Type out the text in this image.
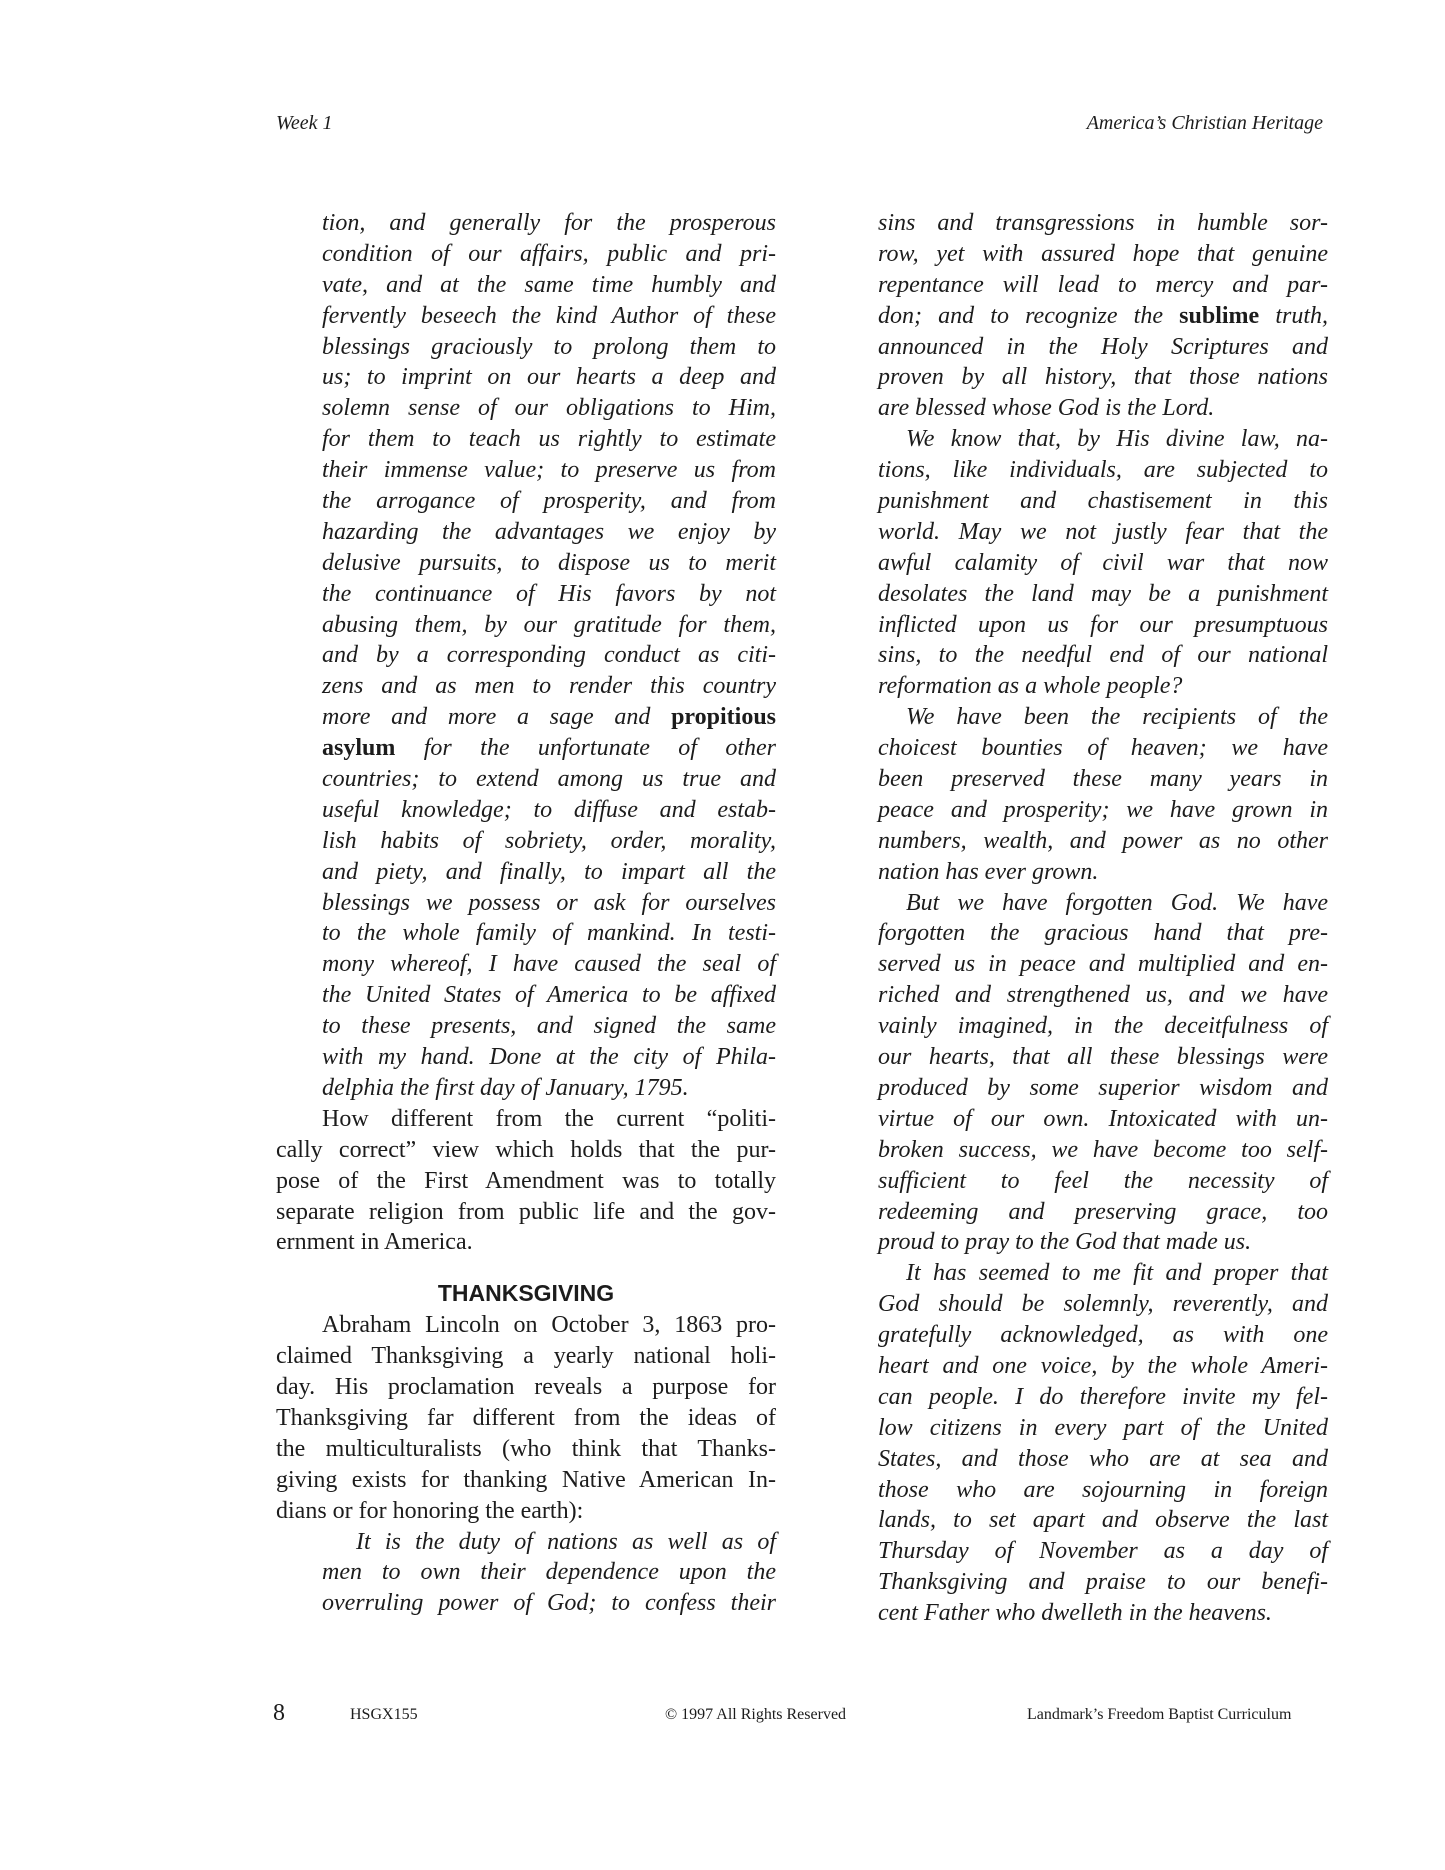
Week 1	America’s Christian Heritage
tion, and generally for the prosperous
condition of our affairs, public and pri-
vate, and at the same time humbly and
fervently beseech the kind Author of these
blessings graciously to prolong them to
us; to imprint on our hearts a deep and
solemn sense of our obligations to Him,
for them to teach us rightly to estimate
their immense value; to preserve us from
the arrogance of prosperity, and from
hazarding the advantages we enjoy by
delusive pursuits, to dispose us to merit
the continuance of His favors by not
abusing them, by our gratitude for them,
and by a corresponding conduct as citi-
zens and as men to render this country
more and more a sage and propitious
asylum for the unfortunate of other
countries; to extend among us true and
useful knowledge; to diffuse and estab-
lish habits of sobriety, order, morality,
and piety, and finally, to impart all the
blessings we possess or ask for ourselves
to the whole family of mankind. In testi-
mony whereof, I have caused the seal of
the United States of America to be affixed
to these presents, and signed the same
with my hand. Done at the city of Phila-
delphia the first day of January, 1795.
How different from the current “politi-
cally correct” view which holds that the pur-
pose of the First Amendment was to totally
separate religion from public life and the gov-
ernment in America.
THANKSGIVING
Abraham Lincoln on October 3, 1863 pro-
claimed Thanksgiving a yearly national holi-
day. His proclamation reveals a purpose for
Thanksgiving far different from the ideas of
the multiculturalists (who think that Thanks-
giving exists for thanking Native American In-
dians or for honoring the earth):
It is the duty of nations as well as of
men to own their dependence upon the
overruling power of God; to confess their
sins and transgressions in humble sor-
row, yet with assured hope that genuine
repentance will lead to mercy and par-
don; and to recognize the sublime truth,
announced in the Holy Scriptures and
proven by all history, that those nations
are blessed whose God is the Lord.
We know that, by His divine law, na-
tions, like individuals, are subjected to
punishment and chastisement in this
world. May we not justly fear that the
awful calamity of civil war that now
desolates the land may be a punishment
inflicted upon us for our presumptuous
sins, to the needful end of our national
reformation as a whole people?
We have been the recipients of the
choicest bounties of heaven; we have
been preserved these many years in
peace and prosperity; we have grown in
numbers, wealth, and power as no other
nation has ever grown.
But we have forgotten God. We have
forgotten the gracious hand that pre-
served us in peace and multiplied and en-
riched and strengthened us, and we have
vainly imagined, in the deceitfulness of
our hearts, that all these blessings were
produced by some superior wisdom and
virtue of our own. Intoxicated with un-
broken success, we have become too self-
sufficient to feel the necessity of
redeeming and preserving grace, too
proud to pray to the God that made us.
It has seemed to me fit and proper that
God should be solemnly, reverently, and
gratefully acknowledged, as with one
heart and one voice, by the whole Ameri-
can people. I do therefore invite my fel-
low citizens in every part of the United
States, and those who are at sea and
those who are sojourning in foreign
lands, to set apart and observe the last
Thursday of November as a day of
Thanksgiving and praise to our benefi-
cent Father who dwelleth in the heavens.
8	HSGX155	© 1997 All Rights Reserved	Landmark’s Freedom Baptist Curriculum
